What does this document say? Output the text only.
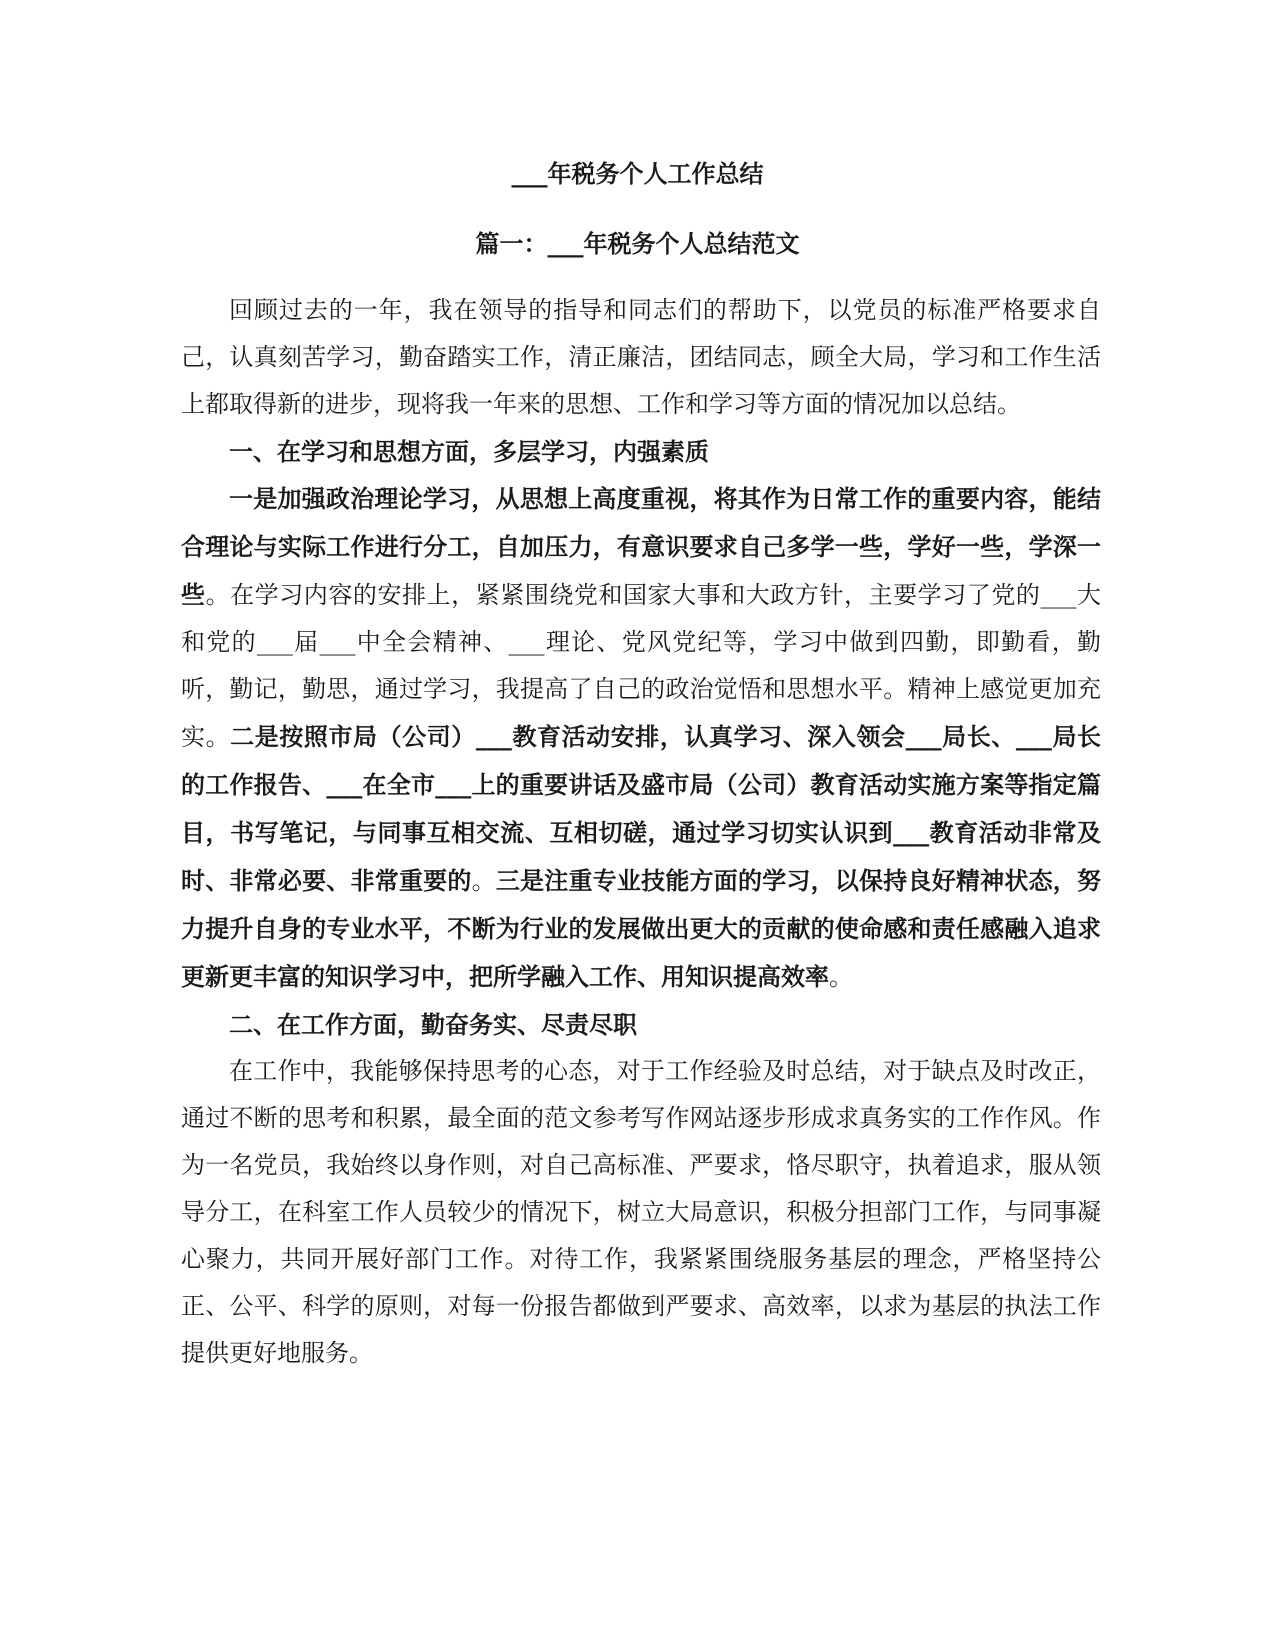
___年税务个人工作总结
篇一：___年税务个人总结范文

回顾过去的一年，我在领导的指导和同志们的帮助下，以党员的标准严格要求自己，认真刻苦学习，勤奋踏实工作，清正廉洁，团结同志，顾全大局，学习和工作生活上都取得新的进步，现将我一年来的思想、工作和学习等方面的情况加以总结。

一、在学习和思想方面，多层学习，内强素质

一是加强政治理论学习，从思想上高度重视，将其作为日常工作的重要内容，能结合理论与实际工作进行分工，自加压力，有意识要求自己多学一些，学好一些，学深一些。在学习内容的安排上，紧紧围绕党和国家大事和大政方针，主要学习了党的___大和党的___届___中全会精神、___理论、党风党纪等，学习中做到四勤，即勤看，勤听，勤记，勤思，通过学习，我提高了自己的政治觉悟和思想水平。精神上感觉更加充实。二是按照市局（公司）___教育活动安排，认真学习、深入领会___局长、___局长的工作报告、___在全市___上的重要讲话及盛市局（公司）教育活动实施方案等指定篇目，书写笔记，与同事互相交流、互相切磋，通过学习切实认识到___教育活动非常及时、非常必要、非常重要的。三是注重专业技能方面的学习，以保持良好精神状态，努力提升自身的专业水平，不断为行业的发展做出更大的贡献的使命感和责任感融入追求更新更丰富的知识学习中，把所学融入工作、用知识提高效率。

二、在工作方面，勤奋务实、尽责尽职

在工作中，我能够保持思考的心态，对于工作经验及时总结，对于缺点及时改正，通过不断的思考和积累，最全面的范文参考写作网站逐步形成求真务实的工作作风。作为一名党员，我始终以身作则，对自己高标准、严要求，恪尽职守，执着追求，服从领导分工，在科室工作人员较少的情况下，树立大局意识，积极分担部门工作，与同事凝心聚力，共同开展好部门工作。对待工作，我紧紧围绕服务基层的理念，严格坚持公正、公平、科学的原则，对每一份报告都做到严要求、高效率，以求为基层的执法工作提供更好地服务。
